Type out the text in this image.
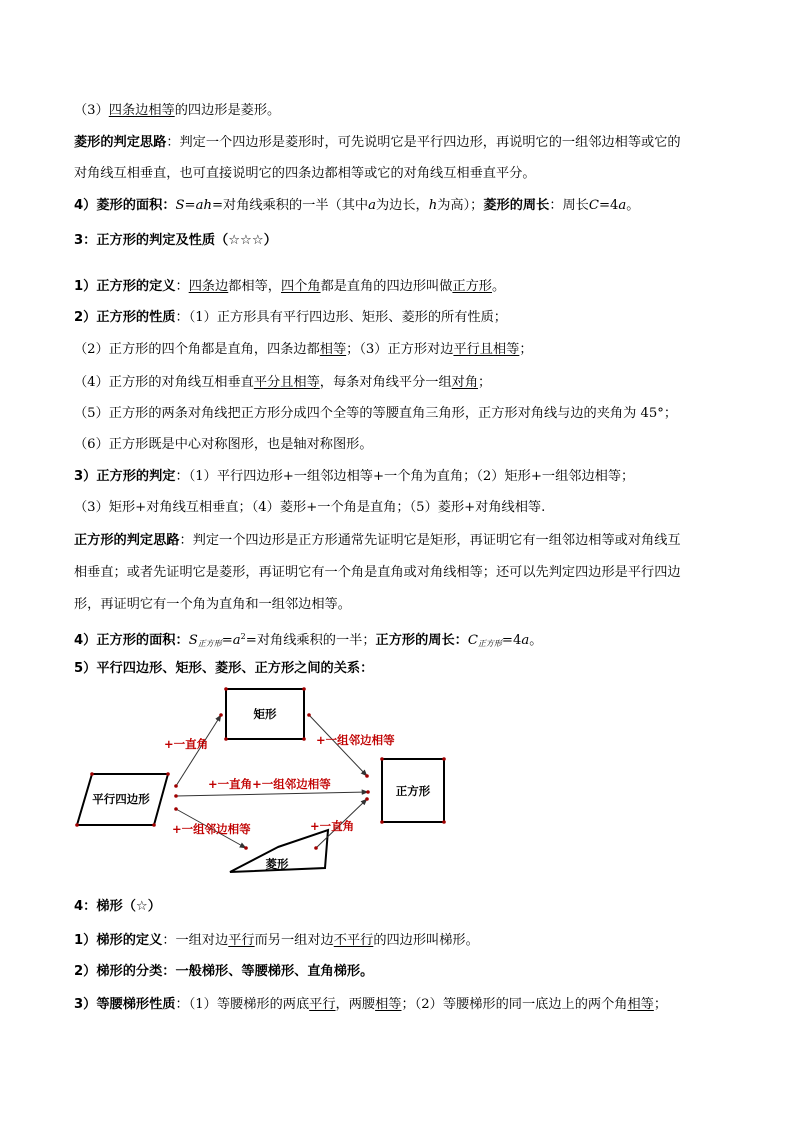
（3）四条边相等的四边形是菱形。
菱形的判定思路：判定一个四边形是菱形时，可先说明它是平行四边形，再说明它的一组邻边相等或它的
对角线互相垂直，也可直接说明它的四条边都相等或它的对角线互相垂直平分。
4）菱形的面积：S=ah=对角线乘积的一半（其中a为边长，h为高）；菱形的周长：周长C=4a。
3：正方形的判定及性质（☆☆☆）
1）正方形的定义：四条边都相等，四个角都是直角的四边形叫做正方形。
2）正方形的性质：（1）正方形具有平行四边形、矩形、菱形的所有性质；
（2）正方形的四个角都是直角，四条边都相等；（3）正方形对边平行且相等；
（4）正方形的对角线互相垂直平分且相等，每条对角线平分一组对角；
（5）正方形的两条对角线把正方形分成四个全等的等腰直角三角形，正方形对角线与边的夹角为 45°；
（6）正方形既是中心对称图形，也是轴对称图形。
3）正方形的判定：（1）平行四边形+一组邻边相等+一个角为直角；（2）矩形+一组邻边相等；
（3）矩形+对角线互相垂直；（4）菱形+一个角是直角；（5）菱形+对角线相等.
正方形的判定思路：判定一个四边形是正方形通常先证明它是矩形，再证明它有一组邻边相等或对角线互
相垂直；或者先证明它是菱形，再证明它有一个角是直角或对角线相等；还可以先判定四边形是平行四边
形，再证明它有一个角为直角和一组邻边相等。
4）正方形的面积：$S_{正方形}=a^2=$对角线乘积的一半；正方形的周长：$C_{正方形}=4a$。
5）平行四边形、矩形、菱形、正方形之间的关系：
矩形
平行四边形
正方形
菱形
+一直角	+一组邻边相等
+一直角+一组邻边相等
+一组邻边相等	+一直角
4：梯形（☆）
1）梯形的定义：一组对边平行而另一组对边不平行的四边形叫梯形。
2）梯形的分类：一般梯形、等腰梯形、直角梯形。
3）等腰梯形性质：（1）等腰梯形的两底平行，两腰相等；（2）等腰梯形的同一底边上的两个角相等；
